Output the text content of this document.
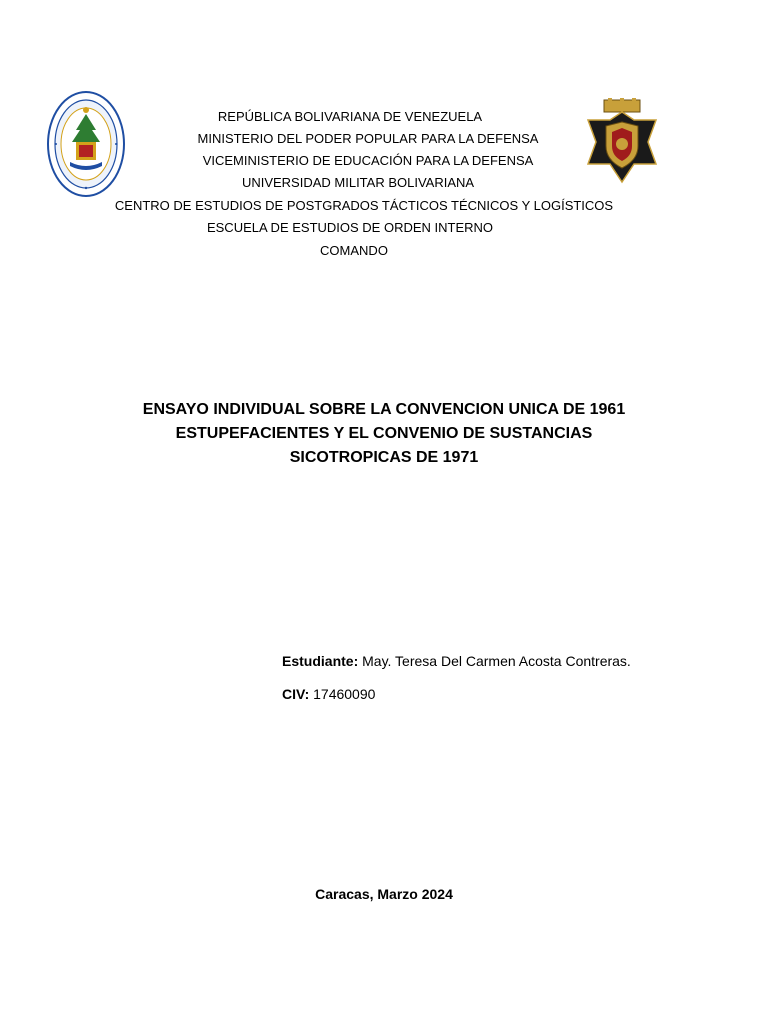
REPÚBLICA BOLIVARIANA DE VENEZUELA
MINISTERIO DEL PODER POPULAR PARA LA DEFENSA
VICEMINISTERIO DE EDUCACIÓN PARA LA DEFENSA
UNIVERSIDAD MILITAR BOLIVARIANA
CENTRO DE ESTUDIOS DE POSTGRADOS TÁCTICOS TÉCNICOS Y LOGÍSTICOS
ESCUELA DE ESTUDIOS DE ORDEN INTERNO
COMANDO
ENSAYO INDIVIDUAL SOBRE LA CONVENCION UNICA DE 1961
ESTUPEFACIENTES Y EL CONVENIO DE SUSTANCIAS
SICOTROPICAS DE 1971
Estudiante: May. Teresa Del Carmen Acosta Contreras.
CIV: 17460090
Caracas, Marzo 2024
